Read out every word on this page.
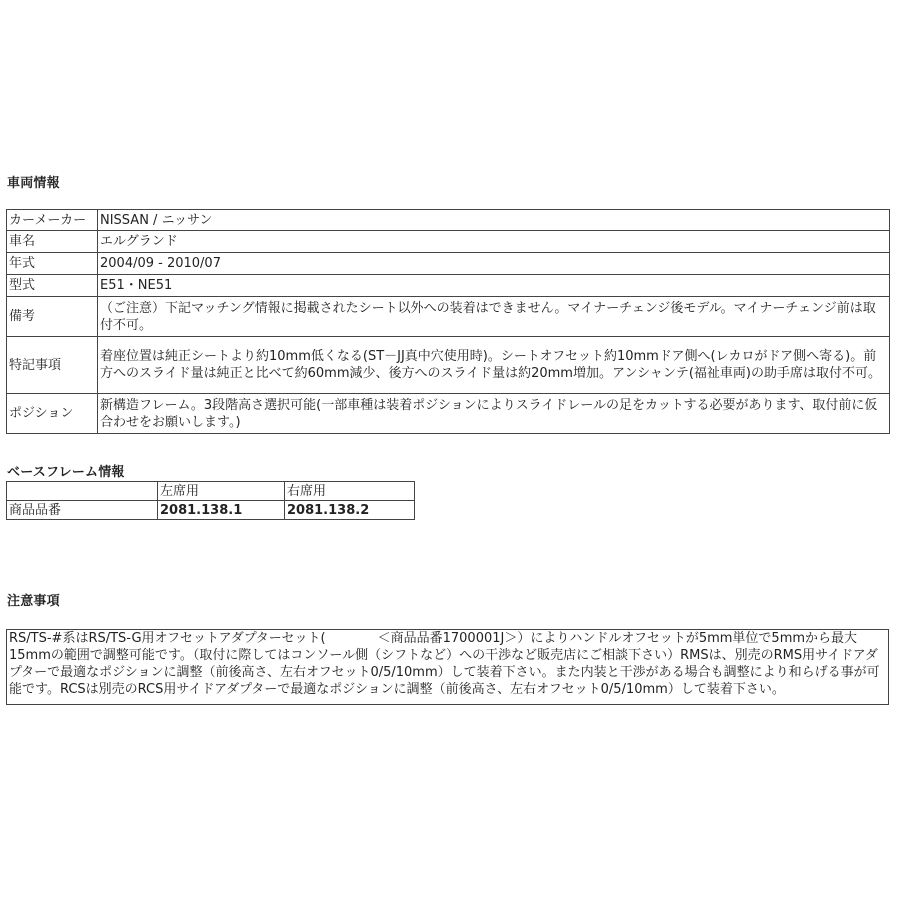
車両情報
カーメーカー	NISSAN / ニッサン
車名	エルグランド
年式	2004/09 - 2010/07
型式	E51・NE51
備考	（ご注意）下記マッチング情報に掲載されたシート以外への装着はできません。マイナーチェンジ後モデル。マイナーチェンジ前は取付不可。
特記事項	着座位置は純正シートより約10mm低くなる(ST－JJ真中穴使用時)。シートオフセット約10mmドア側へ(レカロがドア側へ寄る)。前方へのスライド量は純正と比べて約60mm減少、後方へのスライド量は約20mm増加。アンシャンテ(福祉車両)の助手席は取付不可。
ポジション	新構造フレーム。3段階高さ選択可能(一部車種は装着ポジションによりスライドレールの足をカットする必要があります、取付前に仮合わせをお願いします。)
ベースフレーム情報
	左席用	右席用
商品品番	2081.138.1	2081.138.2
注意事項
RS/TS-#系はRS/TS-G用オフセットアダプターセット(　　　　＜商品品番1700001J＞）によりハンドルオフセットが5mm単位で5mmから最大15mmの範囲で調整可能です。（取付に際してはコンソール側（シフトなど）への干渉など販売店にご相談下さい）RMSは、別売のRMS用サイドアダプターで最適なポジションに調整（前後高さ、左右オフセット0/5/10mm）して装着下さい。また内装と干渉がある場合も調整により和らげる事が可能です。RCSは別売のRCS用サイドアダプターで最適なポジションに調整（前後高さ、左右オフセット0/5/10mm）して装着下さい。
